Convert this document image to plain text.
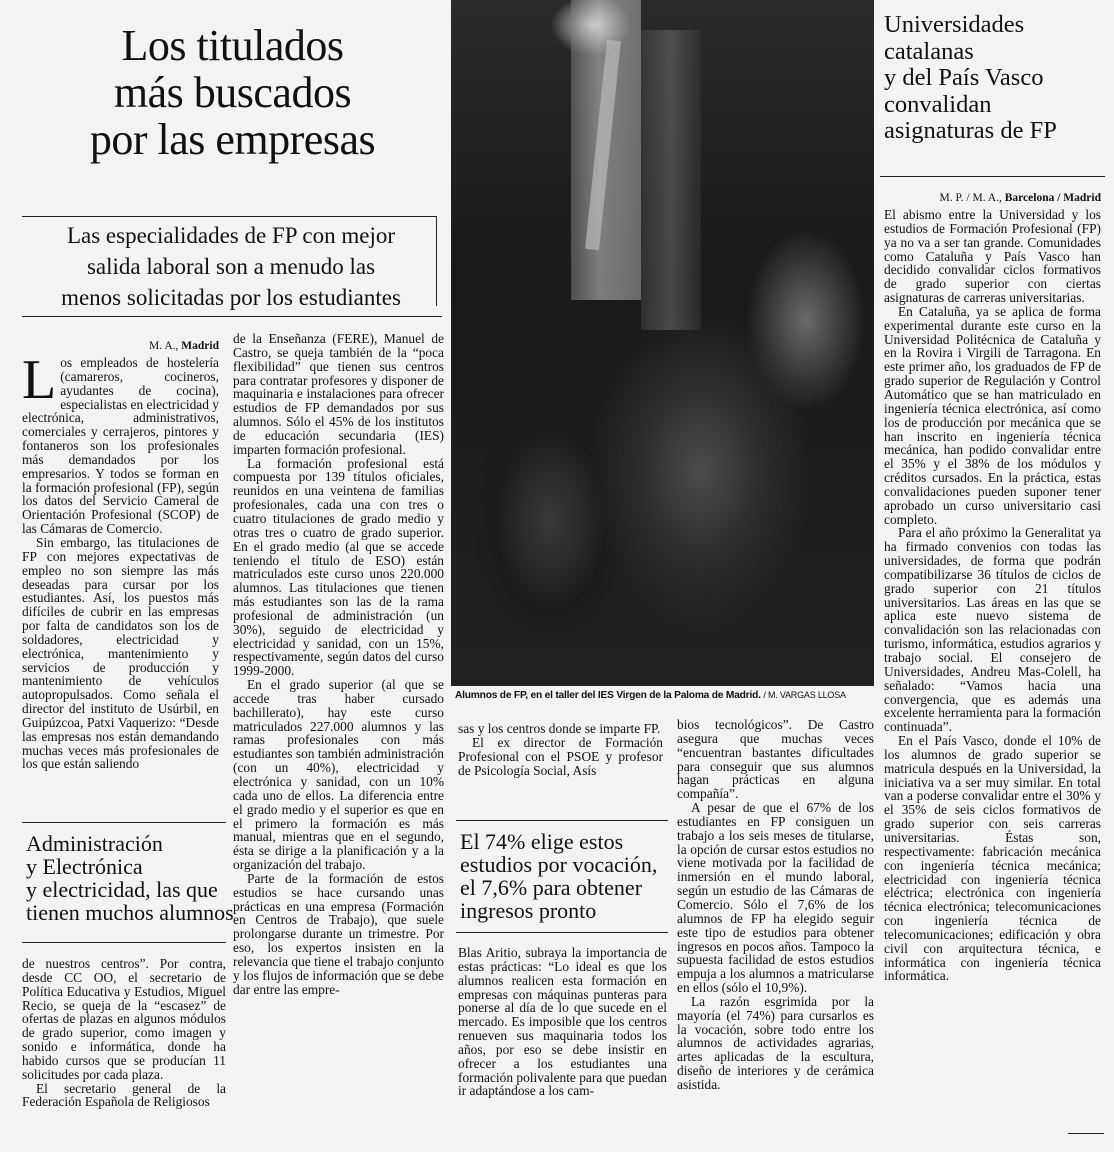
Los titulados
más buscados
por las empresas
Las especialidades de FP con mejor
salida laboral son a menudo las
menos solicitadas por los estudiantes
M. A., Madrid

Los empleados de hostelería (camareros, cocineros, ayudantes de cocina), especialistas en electricidad y electrónica, administrativos, comerciales y cerrajeros, pintores y fontaneros son los profesionales más demandados por los empresarios. Y todos se forman en la formación profesional (FP), según los datos del Servicio Cameral de Orientación Profesional (SCOP) de las Cámaras de Comercio.

Sin embargo, las titulaciones de FP con mejores expectativas de empleo no son siempre las más deseadas para cursar por los estudiantes. Así, los puestos más difíciles de cubrir en las empresas por falta de candidatos son los de soldadores, electricidad y electrónica, mantenimiento y servicios de producción y mantenimiento de vehículos autopropulsados. Como señala el director del instituto de Usúrbil, en Guipúzcoa, Patxi Vaquerizo: “Desde las empresas nos están demandando muchas veces más profesionales de los que están saliendo

Administración
y Electrónica
y electricidad, las que
tienen muchos alumnos

de nuestros centros”. Por contra, desde CC OO, el secretario de Política Educativa y Estudios, Miguel Recio, se queja de la “escasez” de ofertas de plazas en algunos módulos de grado superior, como imagen y sonido e informática, donde ha habido cursos que se producían 11 solicitudes por cada plaza.

El secretario general de la Federación Española de Religiosos

de la Enseñanza (FERE), Manuel de Castro, se queja también de la “poca flexibilidad” que tienen sus centros para contratar profesores y disponer de maquinaria e instalaciones para ofrecer estudios de FP demandados por sus alumnos. Sólo el 45% de los institutos de educación secundaria (IES) imparten formación profesional.

La formación profesional está compuesta por 139 títulos oficiales, reunidos en una veintena de familias profesionales, cada una con tres o cuatro titulaciones de grado medio y otras tres o cuatro de grado superior. En el grado medio (al que se accede teniendo el título de ESO) están matriculados este curso unos 220.000 alumnos. Las titulaciones que tienen más estudiantes son las de la rama profesional de administración (un 30%), seguido de electricidad y electricidad y sanidad, con un 15%, respectivamente, según datos del curso 1999-2000.

En el grado superior (al que se accede tras haber cursado bachillerato), hay este curso matriculados 227.000 alumnos y las ramas profesionales con más estudiantes son también administración (con un 40%), electricidad y electrónica y sanidad, con un 10% cada uno de ellos. La diferencia entre el grado medio y el superior es que en el primero la formación es más manual, mientras que en el segundo, ésta se dirige a la planificación y a la organización del trabajo.

Parte de la formación de estos estudios se hace cursando unas prácticas en una empresa (Formación en Centros de Trabajo), que suele prolongarse durante un trimestre. Por eso, los expertos insisten en la relevancia que tiene el trabajo conjunto y los flujos de información que se debe dar entre las empre-

Alumnos de FP, en el taller del IES Virgen de la Paloma de Madrid. / M. VARGAS LLOSA

sas y los centros donde se imparte FP.

El ex director de Formación Profesional con el PSOE y profesor de Psicología Social, Asís

El 74% elige estos
estudios por vocación,
el 7,6% para obtener
ingresos pronto

Blas Aritio, subraya la importancia de estas prácticas: “Lo ideal es que los alumnos realicen esta formación en empresas con máquinas punteras para ponerse al día de lo que sucede en el mercado. Es imposible que los centros renueven sus maquinaria todos los años, por eso se debe insistir en ofrecer a los estudiantes una formación polivalente para que puedan ir adaptándose a los cam-

bios tecnológicos”. De Castro asegura que muchas veces “encuentran bastantes dificultades para conseguir que sus alumnos hagan prácticas en alguna compañía”.

A pesar de que el 67% de los estudiantes en FP consiguen un trabajo a los seis meses de titularse, la opción de cursar estos estudios no viene motivada por la facilidad de inmersión en el mundo laboral, según un estudio de las Cámaras de Comercio. Sólo el 7,6% de los alumnos de FP ha elegido seguir este tipo de estudios para obtener ingresos en pocos años. Tampoco la supuesta facilidad de estos estudios empuja a los alumnos a matricularse en ellos (sólo el 10,9%).

La razón esgrimida por la mayoría (el 74%) para cursarlos es la vocación, sobre todo entre los alumnos de actividades agrarias, artes aplicadas de la escultura, diseño de interiores y de cerámica asistida.

Universidades
catalanas
y del País Vasco
convalidan
asignaturas de FP
M. P. / M. A., Barcelona / Madrid

El abismo entre la Universidad y los estudios de Formación Profesional (FP) ya no va a ser tan grande. Comunidades como Cataluña y País Vasco han decidido convalidar ciclos formativos de grado superior con ciertas asignaturas de carreras universitarias.

En Cataluña, ya se aplica de forma experimental durante este curso en la Universidad Politécnica de Cataluña y en la Rovira i Virgili de Tarragona. En este primer año, los graduados de FP de grado superior de Regulación y Control Automático que se han matriculado en ingeniería técnica electrónica, así como los de producción por mecánica que se han inscrito en ingeniería técnica mecánica, han podido convalidar entre el 35% y el 38% de los módulos y créditos cursados. En la práctica, estas convalidaciones pueden suponer tener aprobado un curso universitario casi completo.

Para el año próximo la Generalitat ya ha firmado convenios con todas las universidades, de forma que podrán compatibilizarse 36 títulos de ciclos de grado superior con 21 títulos universitarios. Las áreas en las que se aplica este nuevo sistema de convalidación son las relacionadas con turismo, informática, estudios agrarios y trabajo social. El consejero de Universidades, Andreu Mas-Colell, ha señalado: “Vamos hacia una convergencia, que es además una excelente herramienta para la formación continuada”.

En el País Vasco, donde el 10% de los alumnos de grado superior se matricula después en la Universidad, la iniciativa va a ser muy similar. En total van a poderse convalidar entre el 30% y el 35% de seis ciclos formativos de grado superior con seis carreras universitarias. Éstas son, respectivamente: fabricación mecánica con ingeniería técnica mecánica; electricidad con ingeniería técnica eléctrica; electrónica con ingeniería técnica electrónica; telecomunicaciones con ingeniería técnica de telecomunicaciones; edificación y obra civil con arquitectura técnica, e informática con ingeniería técnica informática.
